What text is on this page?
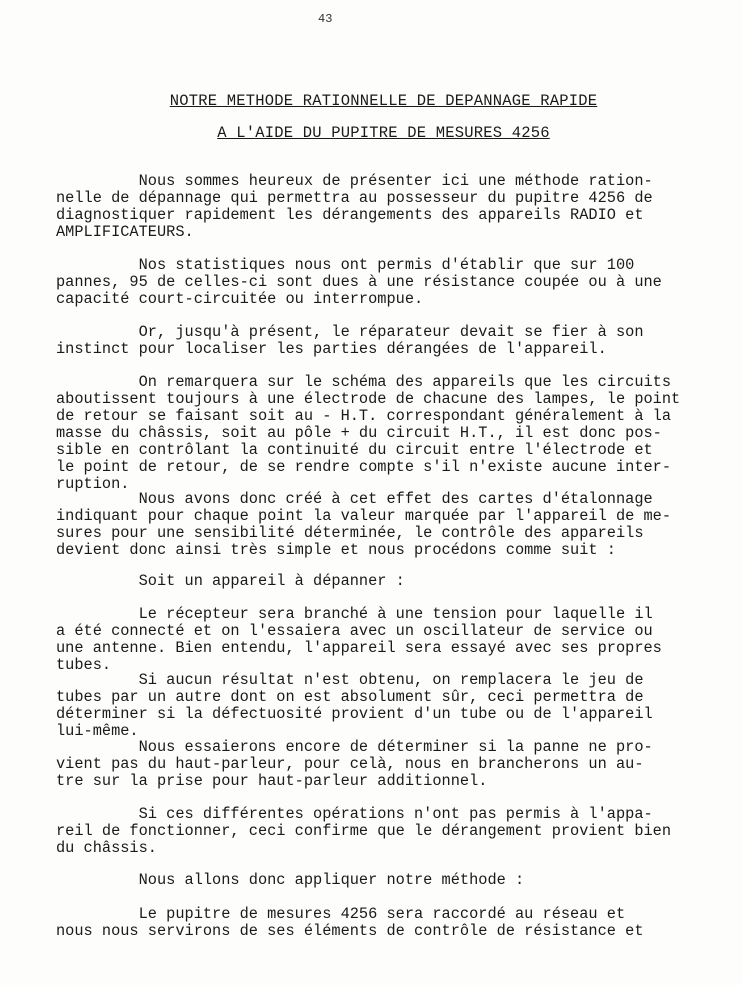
43
NOTRE METHODE RATIONNELLE DE DEPANNAGE RAPIDE
A L'AIDE DU PUPITRE DE MESURES 4256
Nous sommes heureux de présenter ici une méthode ration-
nelle de dépannage qui permettra au possesseur du pupitre 4256 de
diagnostiquer rapidement les dérangements des appareils RADIO et
AMPLIFICATEURS.
Nos statistiques nous ont permis d'établir que sur 100
pannes, 95 de celles-ci sont dues à une résistance coupée ou à une
capacité court-circuitée ou interrompue.
Or, jusqu'à présent, le réparateur devait se fier à son
instinct pour localiser les parties dérangées de l'appareil.
On remarquera sur le schéma des appareils que les circuits
aboutissent toujours à une électrode de chacune des lampes, le point
de retour se faisant soit au - H.T. correspondant généralement à la
masse du châssis, soit au pôle + du circuit H.T., il est donc pos-
sible en contrôlant la continuité du circuit entre l'électrode et
le point de retour, de se rendre compte s'il n'existe aucune inter-
ruption.
Nous avons donc créé à cet effet des cartes d'étalonnage
indiquant pour chaque point la valeur marquée par l'appareil de me-
sures pour une sensibilité déterminée, le contrôle des appareils
devient donc ainsi très simple et nous procédons comme suit :
Soit un appareil à dépanner :
Le récepteur sera branché à une tension pour laquelle il
a été connecté et on l'essaiera avec un oscillateur de service ou
une antenne. Bien entendu, l'appareil sera essayé avec ses propres
tubes.
Si aucun résultat n'est obtenu, on remplacera le jeu de
tubes par un autre dont on est absolument sûr, ceci permettra de
déterminer si la défectuosité provient d'un tube ou de l'appareil
lui-même.
Nous essaierons encore de déterminer si la panne ne pro-
vient pas du haut-parleur, pour celà, nous en brancherons un au-
tre sur la prise pour haut-parleur additionnel.
Si ces différentes opérations n'ont pas permis à l'appa-
reil de fonctionner, ceci confirme que le dérangement provient bien
du châssis.
Nous allons donc appliquer notre méthode :
Le pupitre de mesures 4256 sera raccordé au réseau et
nous nous servirons de ses éléments de contrôle de résistance et
